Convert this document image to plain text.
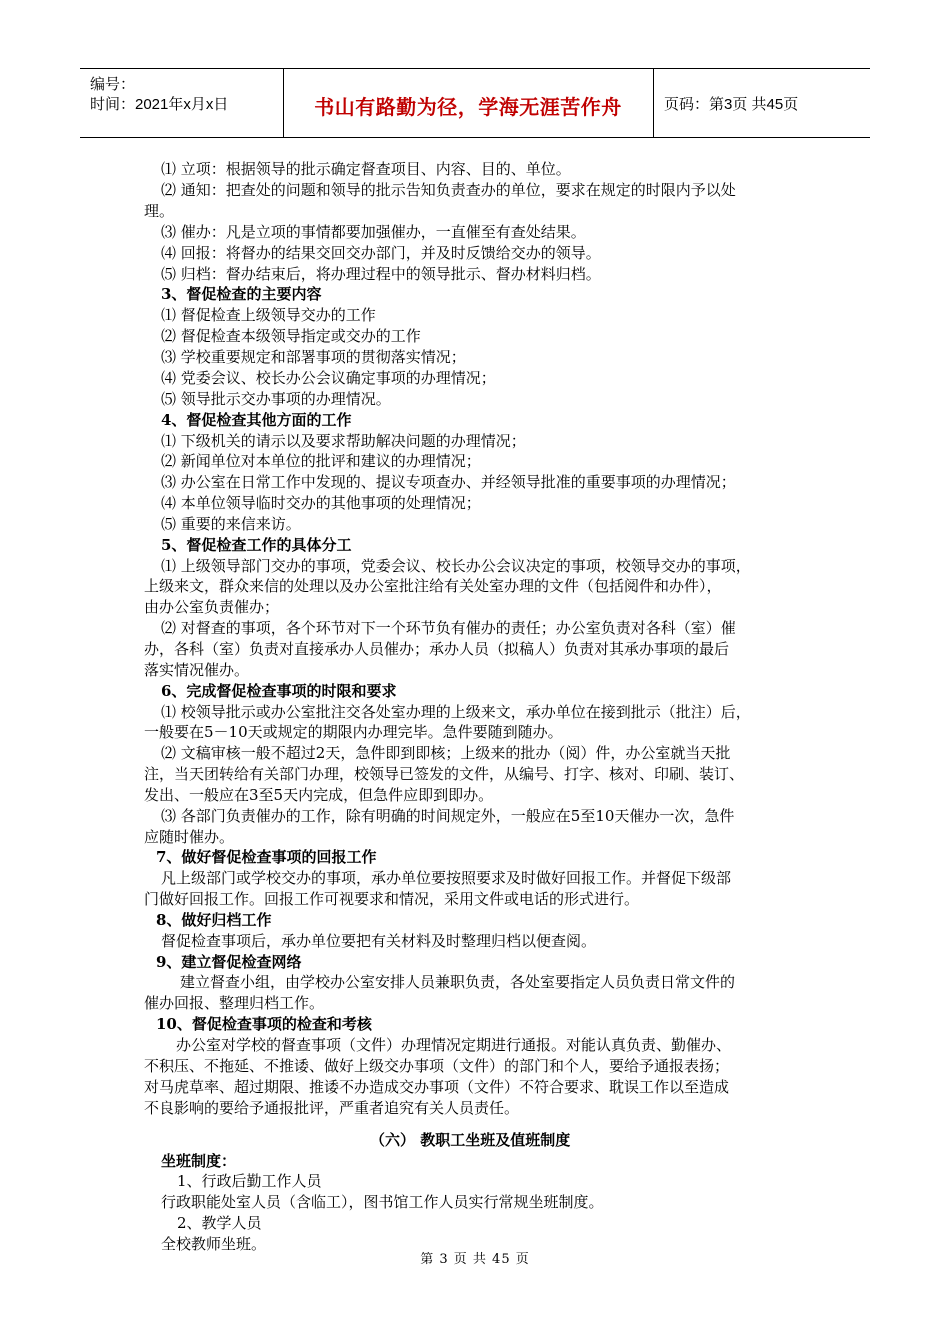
编号：
时间：2021年x月x日	书山有路勤为径，学海无涯苦作舟	页码：第3页 共45页
⑴ 立项：根据领导的批示确定督查项目、内容、目的、单位。
⑵ 通知：把查处的问题和领导的批示告知负责查办的单位，要求在规定的时限内予以处
理。
⑶ 催办：凡是立项的事情都要加强催办，一直催至有查处结果。
⑷ 回报：将督办的结果交回交办部门，并及时反馈给交办的领导。
⑸ 归档：督办结束后，将办理过程中的领导批示、督办材料归档。
3、督促检查的主要内容
⑴ 督促检查上级领导交办的工作
⑵ 督促检查本级领导指定或交办的工作
⑶ 学校重要规定和部署事项的贯彻落实情况；
⑷ 党委会议、校长办公会议确定事项的办理情况；
⑸ 领导批示交办事项的办理情况。
4、督促检查其他方面的工作
⑴ 下级机关的请示以及要求帮助解决问题的办理情况；
⑵ 新闻单位对本单位的批评和建议的办理情况；
⑶ 办公室在日常工作中发现的、提议专项查办、并经领导批准的重要事项的办理情况；
⑷ 本单位领导临时交办的其他事项的处理情况；
⑸ 重要的来信来访。
5、督促检查工作的具体分工
⑴ 上级领导部门交办的事项，党委会议、校长办公会议决定的事项，校领导交办的事项，
上级来文，群众来信的处理以及办公室批注给有关处室办理的文件（包括阅件和办件），
由办公室负责催办；
⑵ 对督查的事项，各个环节对下一个环节负有催办的责任；办公室负责对各科（室）催
办，各科（室）负责对直接承办人员催办；承办人员（拟稿人）负责对其承办事项的最后
落实情况催办。
6、完成督促检查事项的时限和要求
⑴ 校领导批示或办公室批注交各处室办理的上级来文，承办单位在接到批示（批注）后，
一般要在5－10天或规定的期限内办理完毕。急件要随到随办。
⑵ 文稿审核一般不超过2天，急件即到即核；上级来的批办（阅）件，办公室就当天批
注，当天团转给有关部门办理，校领导已签发的文件，从编号、打字、核对、印刷、装订、
发出、一般应在3至5天内完成，但急件应即到即办。
⑶ 各部门负责催办的工作，除有明确的时间规定外，一般应在5至10天催办一次，急件
应随时催办。
7、做好督促检查事项的回报工作
凡上级部门或学校交办的事项，承办单位要按照要求及时做好回报工作。并督促下级部
门做好回报工作。回报工作可视要求和情况，采用文件或电话的形式进行。
8、做好归档工作
督促检查事项后，承办单位要把有关材料及时整理归档以便查阅。
9、建立督促检查网络
建立督查小组，由学校办公室安排人员兼职负责，各处室要指定人员负责日常文件的
催办回报、整理归档工作。
10、督促检查事项的检查和考核
办公室对学校的督查事项（文件）办理情况定期进行通报。对能认真负责、勤催办、
不积压、不拖延、不推诿、做好上级交办事项（文件）的部门和个人，要给予通报表扬；
对马虎草率、超过期限、推诿不办造成交办事项（文件）不符合要求、耽误工作以至造成
不良影响的要给予通报批评，严重者追究有关人员责任。
（六） 教职工坐班及值班制度
坐班制度：
1、行政后勤工作人员
行政职能处室人员（含临工），图书馆工作人员实行常规坐班制度。
2、教学人员
全校教师坐班。
第 3 页 共 45 页
